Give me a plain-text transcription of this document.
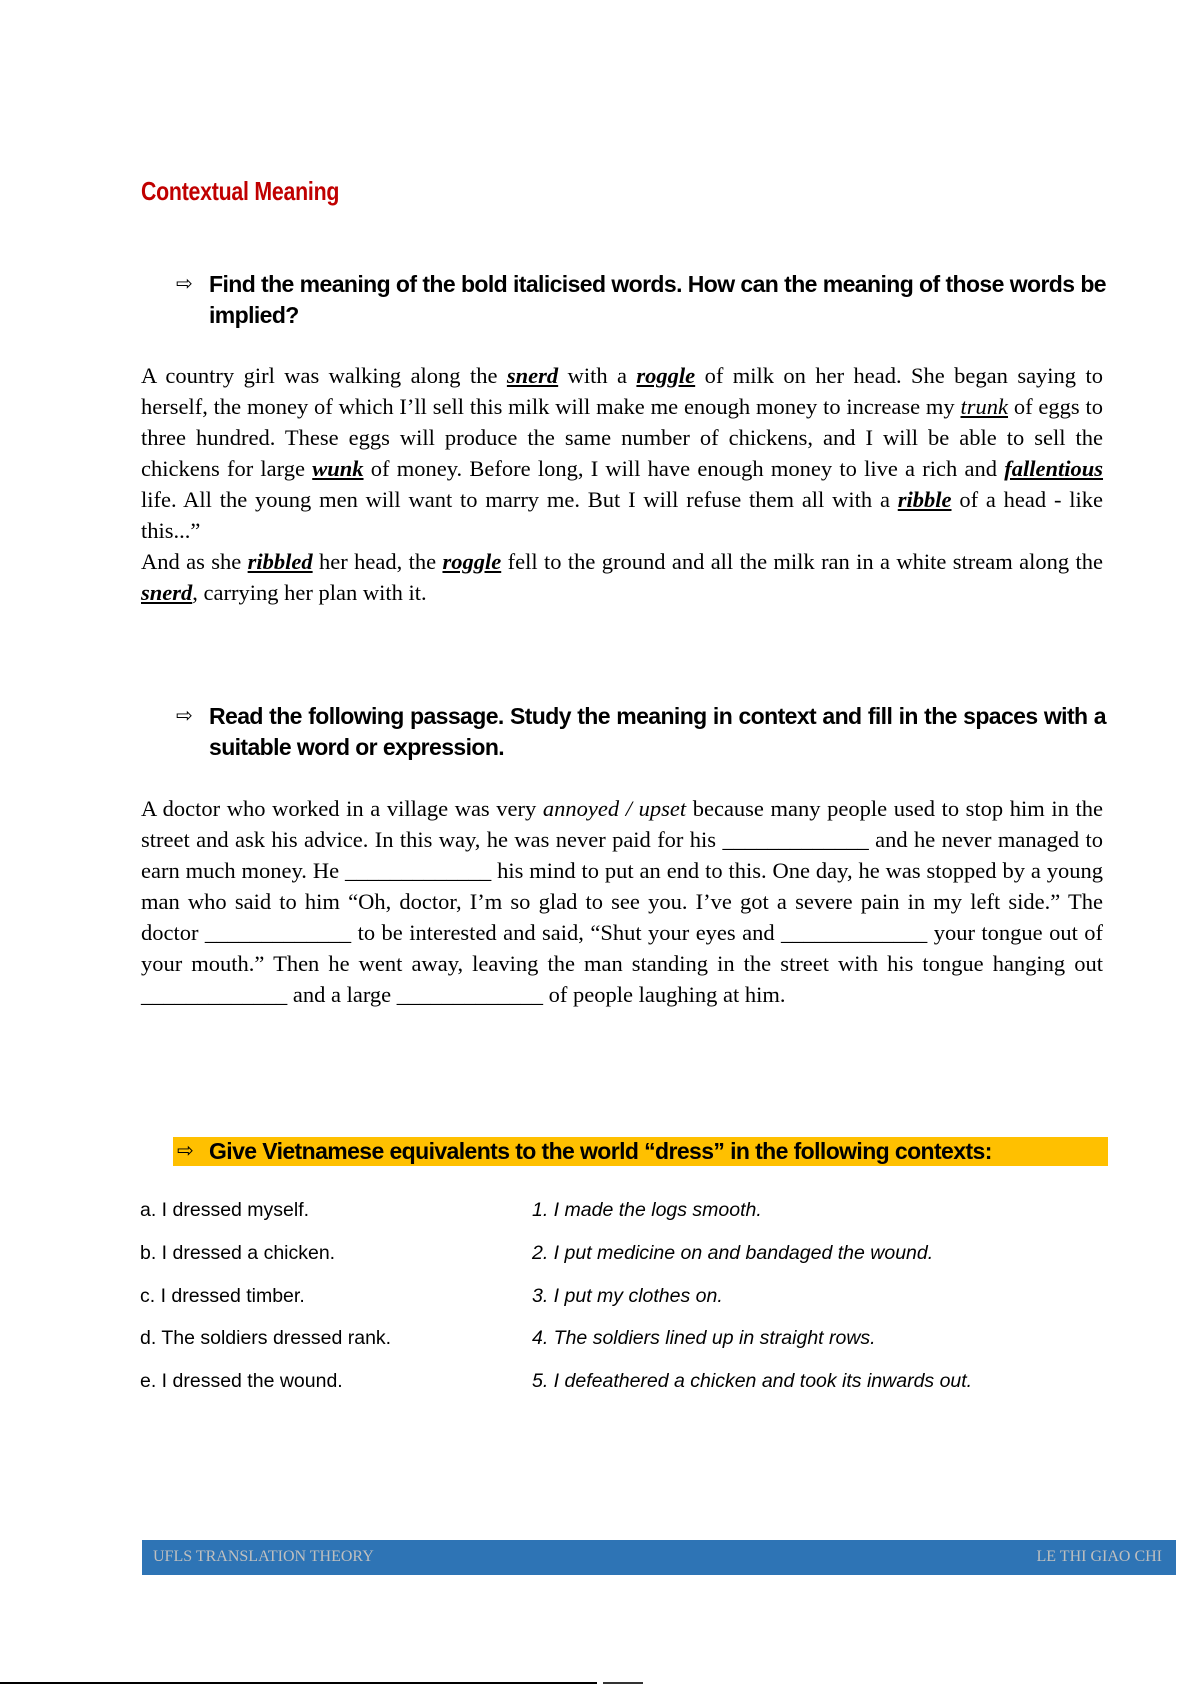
Contextual Meaning
⇨ Find the meaning of the bold italicised words. How can the meaning of those words be implied?
A country girl was walking along the snerd with a roggle of milk on her head. She began saying to herself, the money of which I’ll sell this milk will make me enough money to increase my trunk of eggs to three hundred. These eggs will produce the same number of chickens, and I will be able to sell the chickens for large wunk of money. Before long, I will have enough money to live a rich and fallentious life. All the young men will want to marry me. But I will refuse them all with a ribble of a head - like this...”
And as she ribbled her head, the roggle fell to the ground and all the milk ran in a white stream along the snerd, carrying her plan with it.
⇨ Read the following passage. Study the meaning in context and fill in the spaces with a suitable word or expression.
A doctor who worked in a village was very annoyed / upset because many people used to stop him in the street and ask his advice. In this way, he was never paid for his _____________ and he never managed to earn much money. He _____________ his mind to put an end to this. One day, he was stopped by a young man who said to him “Oh, doctor, I’m so glad to see you. I’ve got a severe pain in my left side.” The doctor _____________ to be interested and said, “Shut your eyes and _____________ your tongue out of your mouth.” Then he went away, leaving the man standing in the street with his tongue hanging out _____________ and a large _____________ of people laughing at him.
⇨ Give Vietnamese equivalents to the world “dress” in the following contexts:
a. I dressed myself.
b. I dressed a chicken.
c. I dressed timber.
d. The soldiers dressed rank.
e. I dressed the wound.
1. I made the logs smooth.
2. I put medicine on and bandaged the wound.
3. I put my clothes on.
4. The soldiers lined up in straight rows.
5. I defeathered a chicken and took its inwards out.
UFLS TRANSLATION THEORY	LE THI GIAO CHI
